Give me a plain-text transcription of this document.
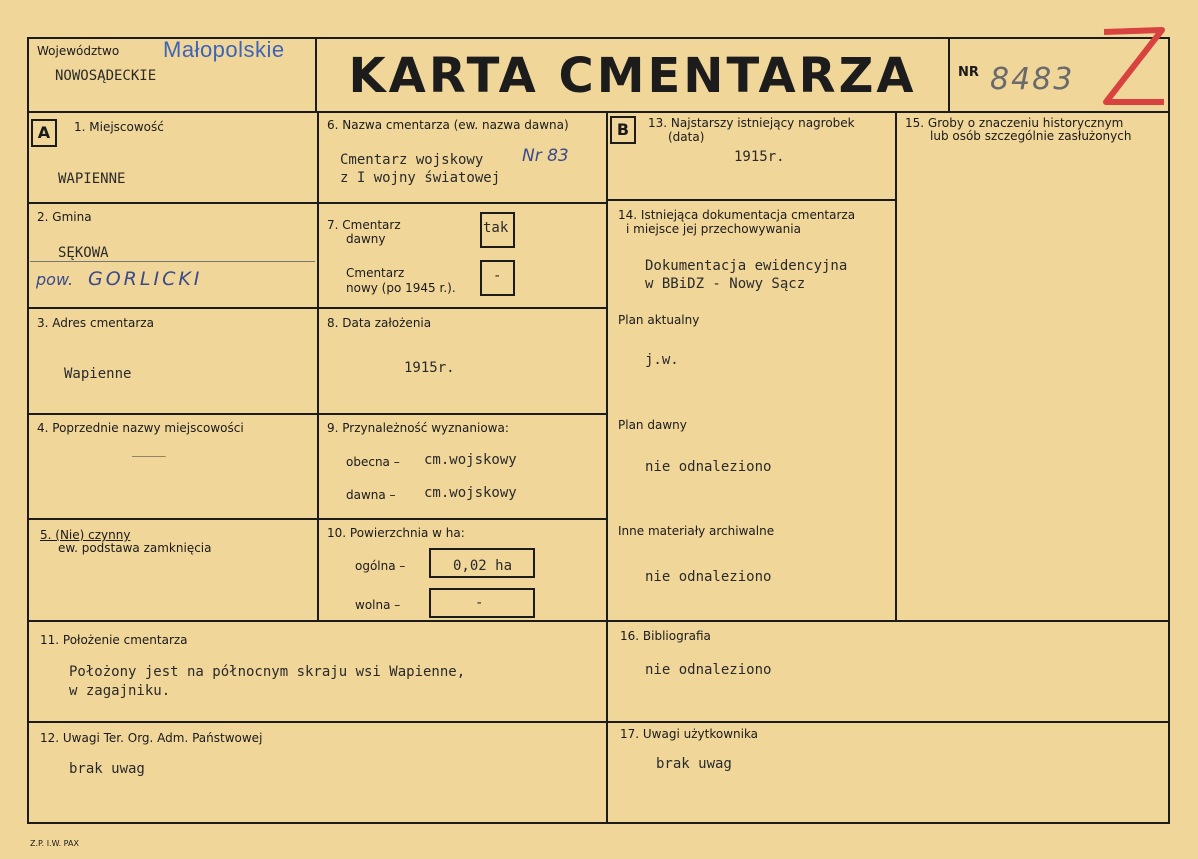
Województwo Małopolskie
NOWOSĄDECKIE	KARTA CMENTARZA	NR 8483
A	1. Miejscowość
WAPIENNE
2. Gmina
SĘKOWA
pow. GORLICKI
3. Adres cmentarza
Wapienne
4. Poprzednie nazwy miejscowości
____
5. (Nie) czynny
ew. podstawa zamknięcia
6. Nazwa cmentarza (ew. nazwa dawna)
Cmentarz wojskowy Nr 83
z I wojny światowej
7. Cmentarz
dawny
tak
Cmentarz
nowy (po 1945 r.).
-
8. Data założenia
1915r.
9. Przynależność wyznaniowa:
obecna – cm.wojskowy
dawna – cm.wojskowy
10. Powierzchnia w ha:
ogólna –	0,02 ha
wolna –	-
B	13. Najstarszy istniejący nagrobek
(data)
1915r.
14. Istniejąca dokumentacja cmentarza
i miejsce jej przechowywania
Dokumentacja ewidencyjna
w BBiDZ - Nowy Sącz
Plan aktualny
j.w.
Plan dawny
nie odnaleziono
Inne materiały archiwalne
nie odnaleziono
15. Groby o znaczeniu historycznym
lub osób szczególnie zasłużonych
11. Położenie cmentarza
Położony jest na północnym skraju wsi Wapienne,
w zagajniku.
12. Uwagi Ter. Org. Adm. Państwowej
brak uwag
16. Bibliografia
nie odnaleziono
17. Uwagi użytkownika
brak uwag
Z.P. I.W. PAX
